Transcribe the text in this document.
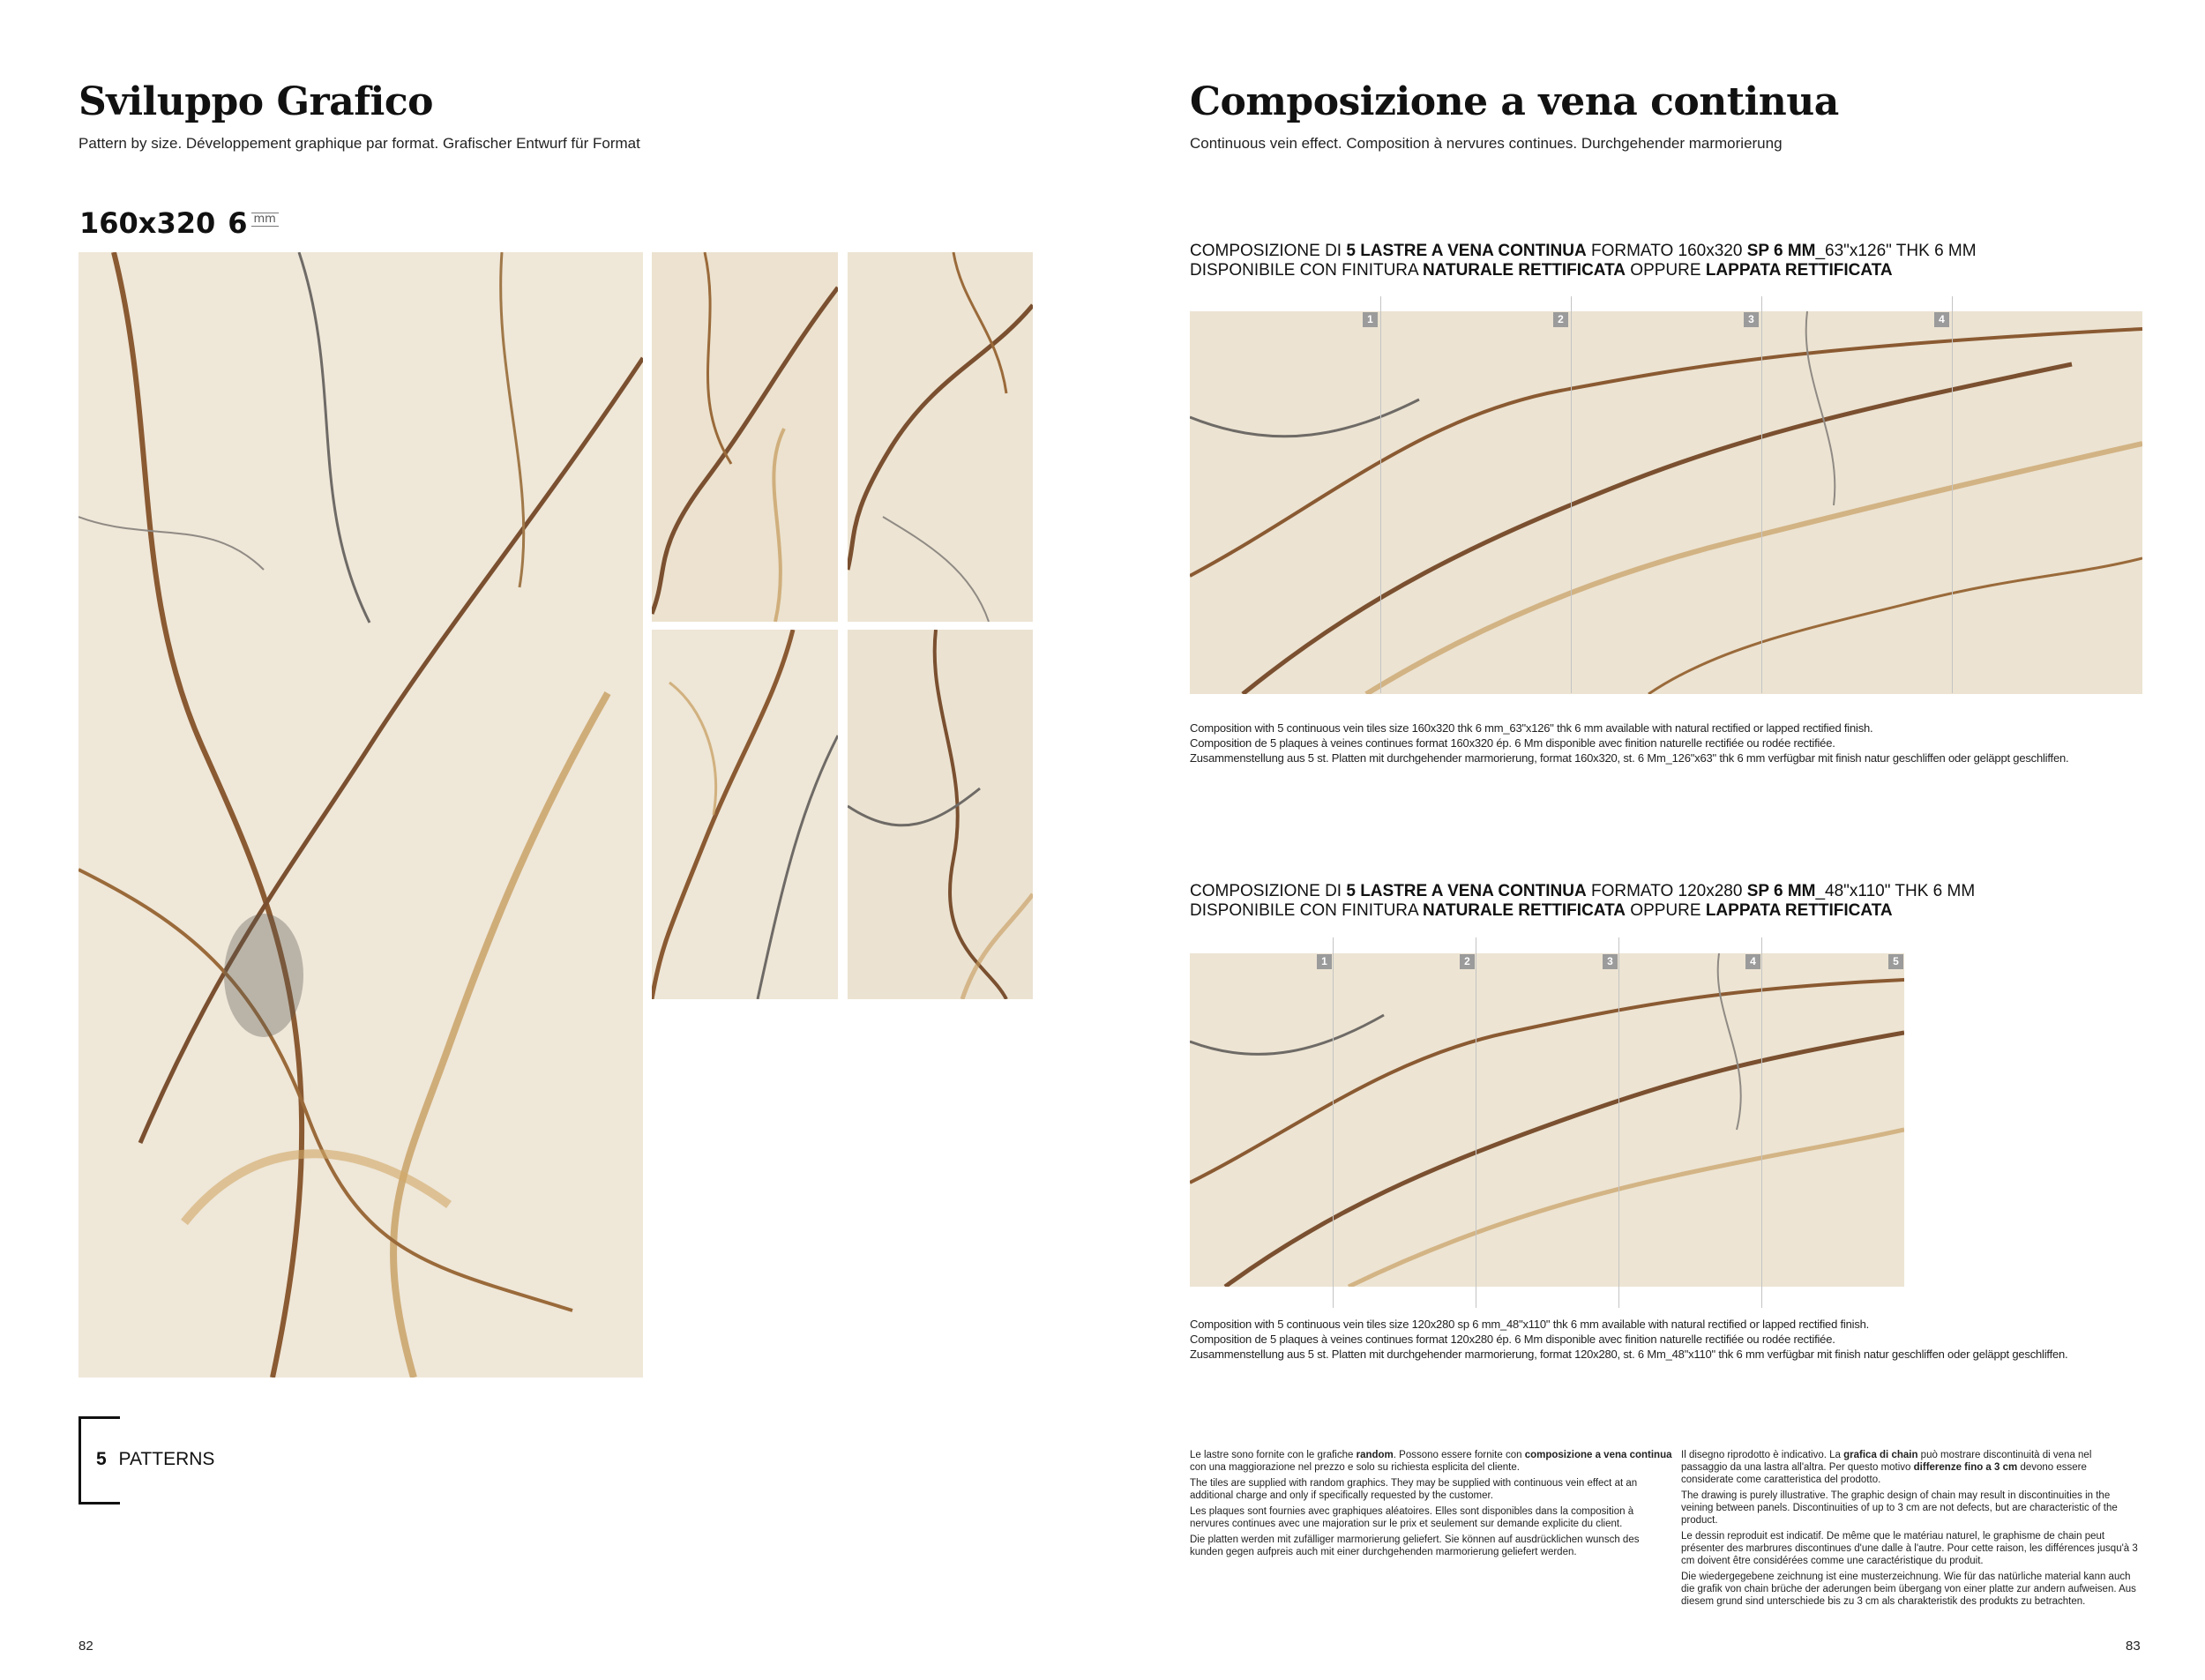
Sviluppo Grafico
Pattern by size. Développement graphique par format. Grafischer Entwurf für Format
160x320 6 mm
5 PATTERNS
82
Composizione a vena continua
Continuous vein effect. Composition à nervures continues. Durchgehender marmorierung
COMPOSIZIONE DI 5 LASTRE A VENA CONTINUA FORMATO 160x320 SP 6 MM_63"x126" THK 6 MM
DISPONIBILE CON FINITURA NATURALE RETTIFICATA OPPURE LAPPATA RETTIFICATA
1	2	3	4
Composition with 5 continuous vein tiles size 160x320 thk 6 mm_63"x126" thk 6 mm available with natural rectified or lapped rectified finish.
Composition de 5 plaques à veines continues format 160x320 ép. 6 Mm disponible avec finition naturelle rectifiée ou rodée rectifiée.
Zusammenstellung aus 5 st. Platten mit durchgehender marmorierung, format 160x320, st. 6 Mm_126"x63" thk 6 mm verfügbar mit finish natur geschliffen oder geläppt geschliffen.
COMPOSIZIONE DI 5 LASTRE A VENA CONTINUA FORMATO 120x280 SP 6 MM_48"x110" THK 6 MM
DISPONIBILE CON FINITURA NATURALE RETTIFICATA OPPURE LAPPATA RETTIFICATA
1	2	3	4	5
Composition with 5 continuous vein tiles size 120x280 sp 6 mm_48"x110" thk 6 mm available with natural rectified or lapped rectified finish.
Composition de 5 plaques à veines continues format 120x280 ép. 6 Mm disponible avec finition naturelle rectifiée ou rodée rectifiée.
Zusammenstellung aus 5 st. Platten mit durchgehender marmorierung, format 120x280, st. 6 Mm_48"x110" thk 6 mm verfügbar mit finish natur geschliffen oder geläppt geschliffen.

Le lastre sono fornite con le grafiche random. Possono essere fornite con composizione a vena continua con una maggiorazione nel prezzo e solo su richiesta esplicita del cliente.

The tiles are supplied with random graphics. They may be supplied with continuous vein effect at an additional charge and only if specifically requested by the customer.

Les plaques sont fournies avec graphiques aléatoires. Elles sont disponibles dans la composition à nervures continues avec une majoration sur le prix et seulement sur demande explicite du client.

Die platten werden mit zufälliger marmorierung geliefert. Sie können auf ausdrücklichen wunsch des kunden gegen aufpreis auch mit einer durchgehenden marmorierung geliefert werden.

Il disegno riprodotto è indicativo. La grafica di chain può mostrare discontinuità di vena nel passaggio da una lastra all'altra. Per questo motivo differenze fino a 3 cm devono essere considerate come caratteristica del prodotto.

The drawing is purely illustrative. The graphic design of chain may result in discontinuities in the veining between panels. Discontinuities of up to 3 cm are not defects, but are characteristic of the product.

Le dessin reproduit est indicatif. De même que le matériau naturel, le graphisme de chain peut présenter des marbrures discontinues d'une dalle à l'autre. Pour cette raison, les différences jusqu'à 3 cm doivent être considérées comme une caractéristique du produit.

Die wiedergegebene zeichnung ist eine musterzeichnung. Wie für das natürliche material kann auch die grafik von chain brüche der aderungen beim übergang von einer platte zur andern aufweisen. Aus diesem grund sind unterschiede bis zu 3 cm als charakteristik des produkts zu betrachten.

83
